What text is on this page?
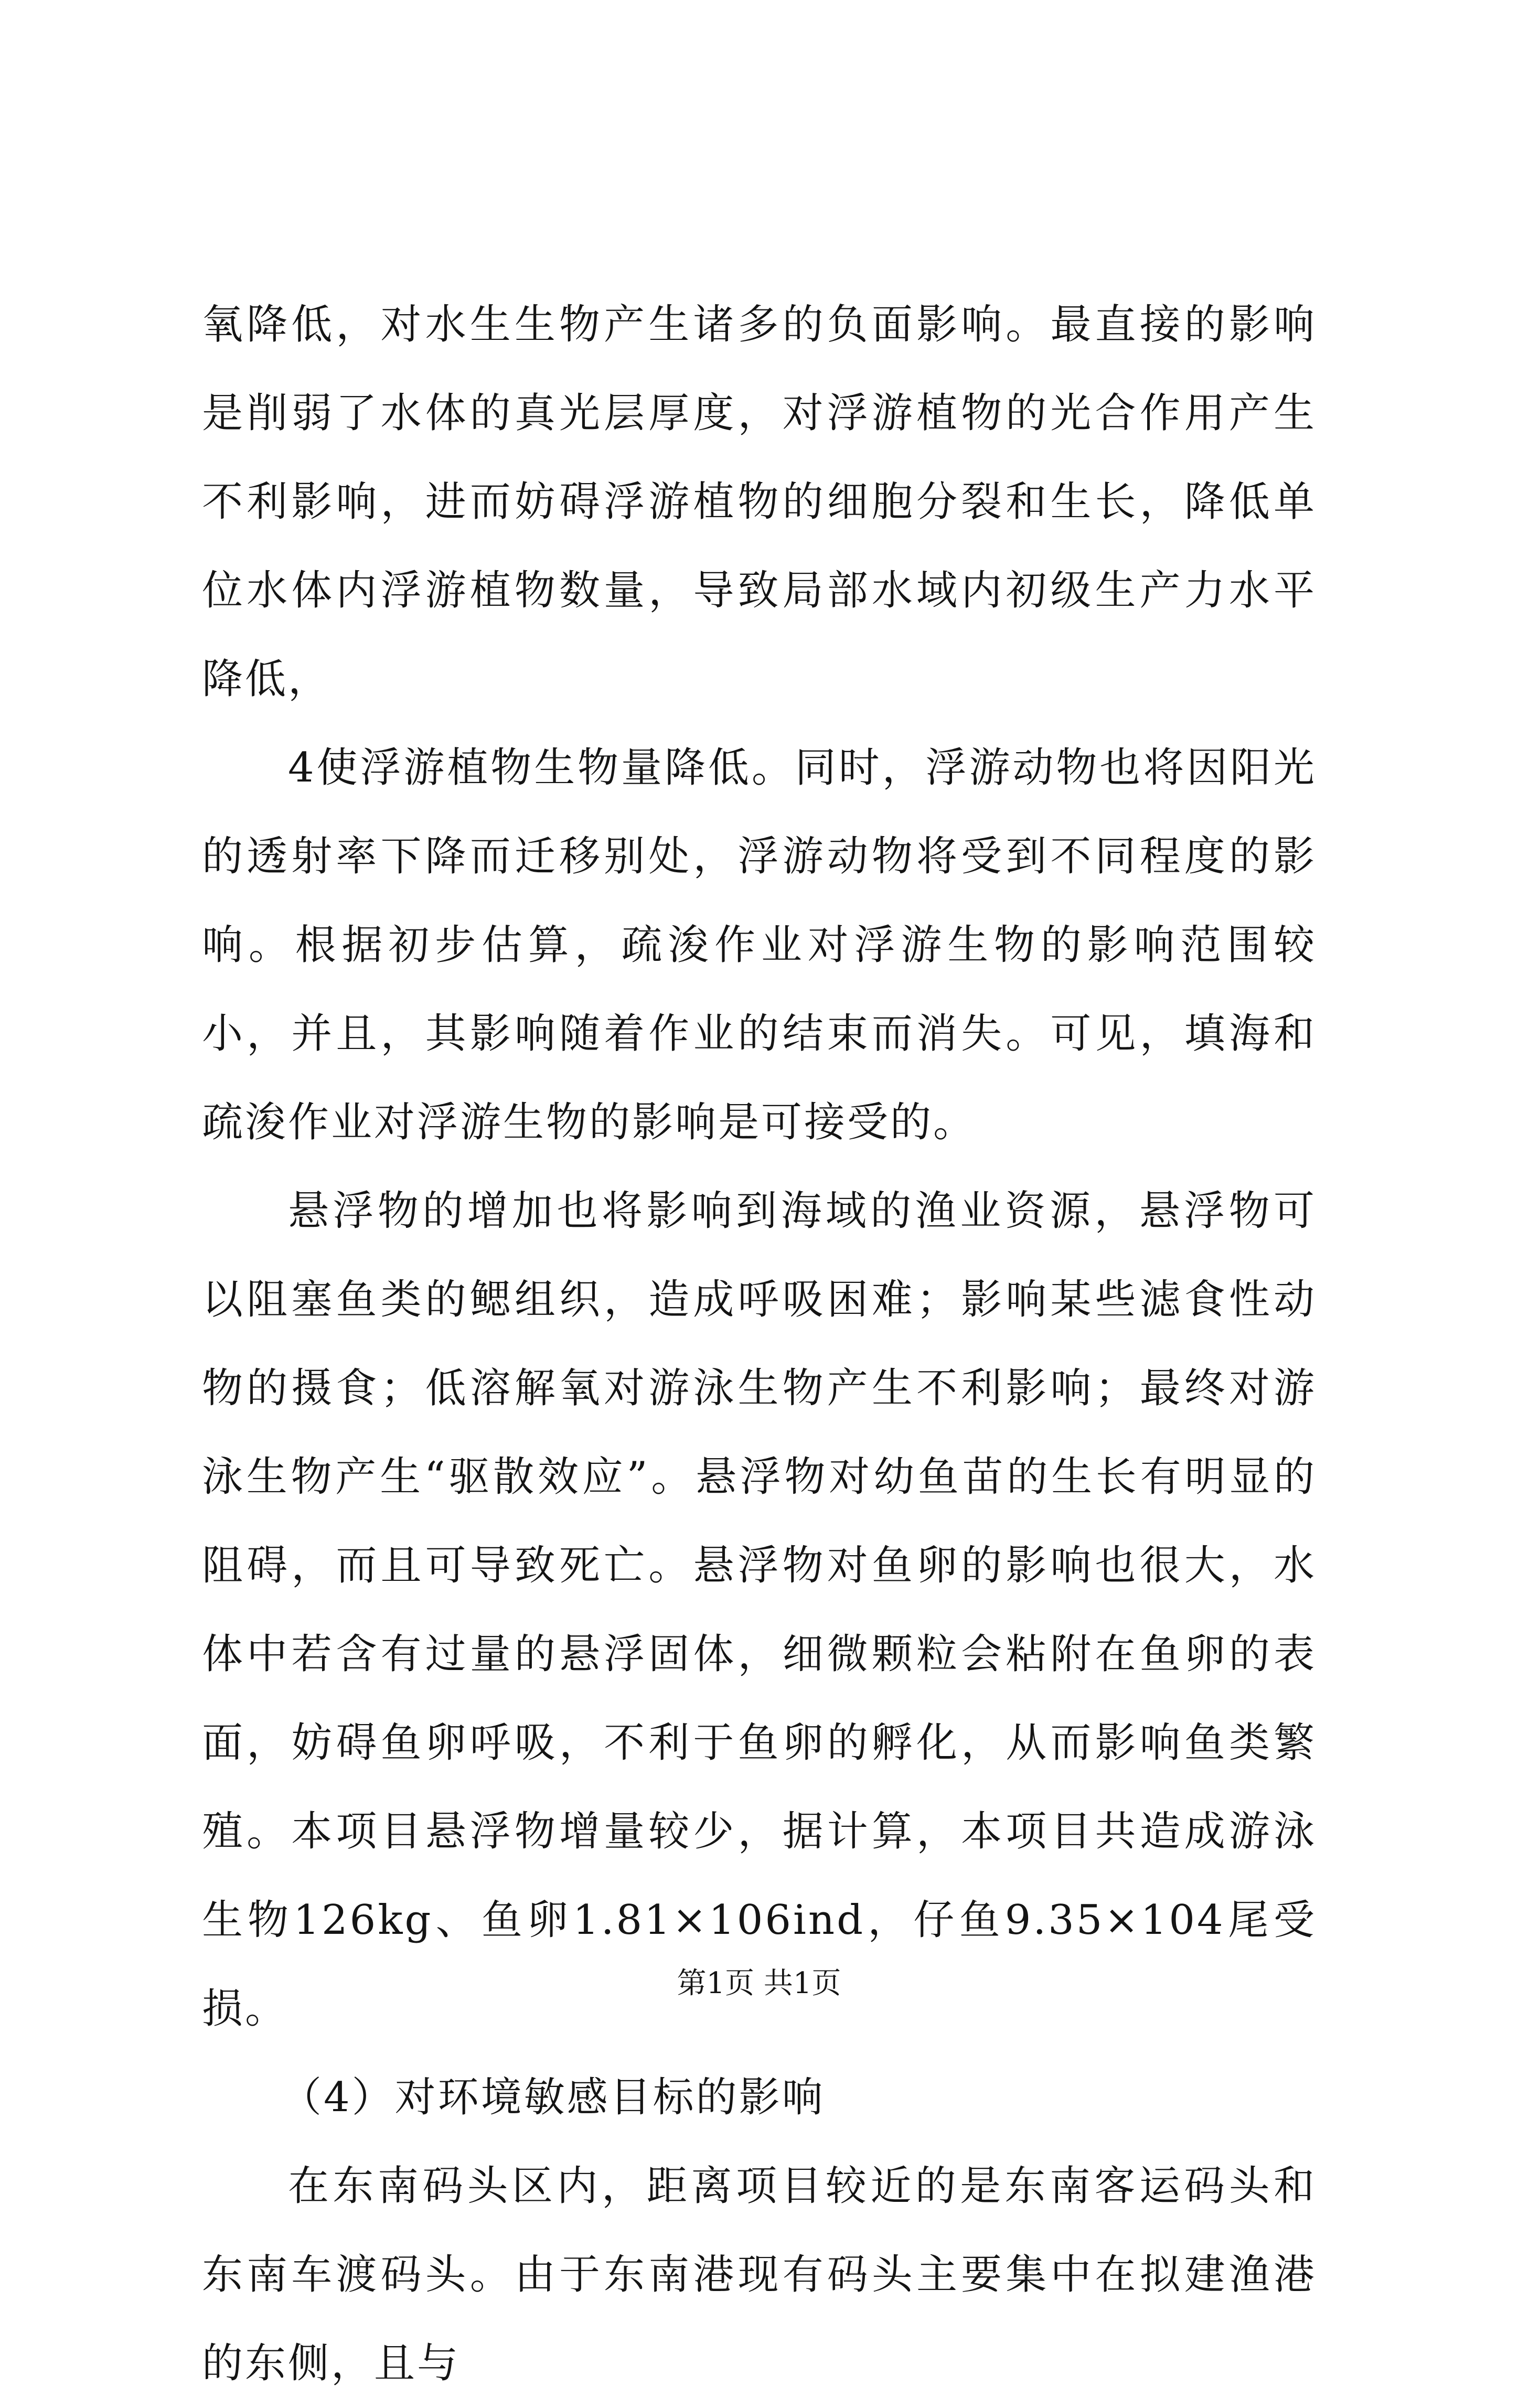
氧降低，对水生生物产生诸多的负面影响。最直接的影响是削弱了水体的真光层厚度，对浮游植物的光合作用产生不利影响，进而妨碍浮游植物的细胞分裂和生长，降低单位水体内浮游植物数量，导致局部水域内初级生产力水平降低，

4使浮游植物生物量降低。同时，浮游动物也将因阳光的透射率下降而迁移别处，浮游动物将受到不同程度的影响。根据初步估算，疏浚作业对浮游生物的影响范围较小，并且，其影响随着作业的结束而消失。可见，填海和疏浚作业对浮游生物的影响是可接受的。

悬浮物的增加也将影响到海域的渔业资源，悬浮物可以阻塞鱼类的鳃组织，造成呼吸困难；影响某些滤食性动物的摄食；低溶解氧对游泳生物产生不利影响；最终对游泳生物产生“驱散效应”。悬浮物对幼鱼苗的生长有明显的阻碍，而且可导致死亡。悬浮物对鱼卵的影响也很大，水体中若含有过量的悬浮固体，细微颗粒会粘附在鱼卵的表面，妨碍鱼卵呼吸，不利于鱼卵的孵化，从而影响鱼类繁殖。本项目悬浮物增量较少，据计算，本项目共造成游泳生物126kg、鱼卵1.81×106ind，仔鱼9.35×104尾受损。

（4）对环境敏感目标的影响

在东南码头区内，距离项目较近的是东南客运码头和东南车渡码头。由于东南港现有码头主要集中在拟建渔港的东侧，且与

第1页 共1页
